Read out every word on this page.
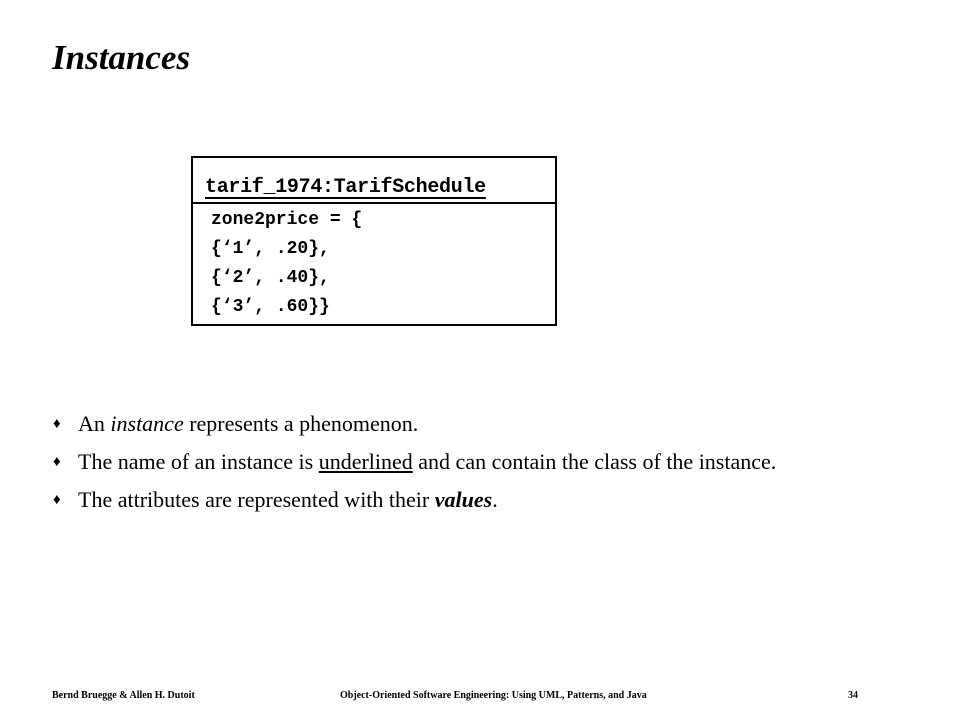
Instances
tarif_1974:TarifSchedule
zone2price = {
{‘1’, .20},
{‘2’, .40},
{‘3’, .60}}
♦ An instance represents a phenomenon.
♦ The name of an instance is underlined and can contain the class of the instance.
♦ The attributes are represented with their values.
Bernd Bruegge & Allen H. Dutoit	Object-Oriented Software Engineering: Using UML, Patterns, and Java	34
